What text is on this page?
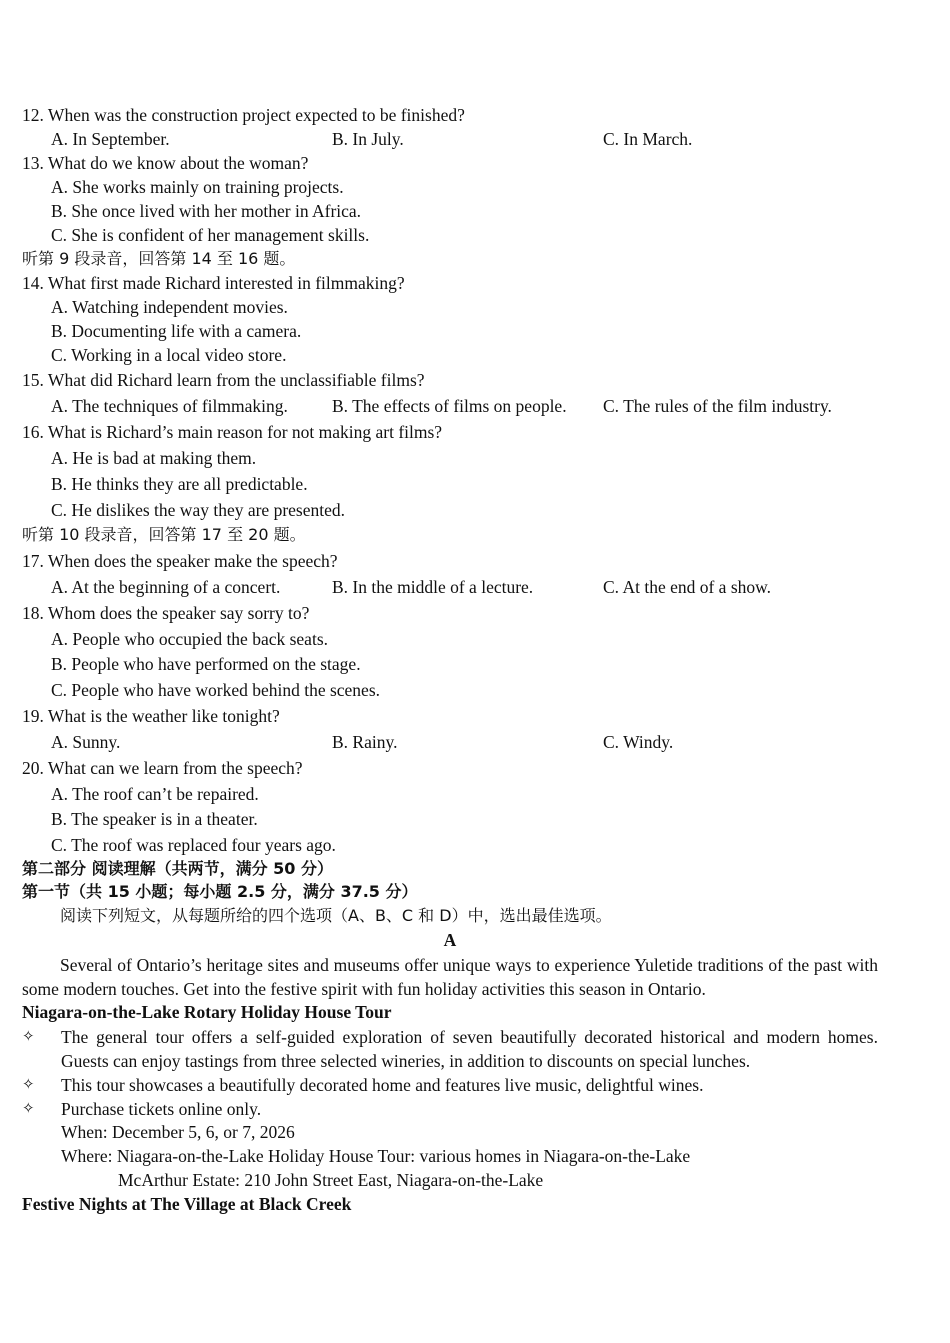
12. When was the construction project expected to be finished?
A. In September.	B. In July.	C. In March.
13. What do we know about the woman?
A. She works mainly on training projects.
B. She once lived with her mother in Africa.
C. She is confident of her management skills.
听第 9 段录音，回答第 14 至 16 题。
14. What first made Richard interested in filmmaking?
A. Watching independent movies.
B. Documenting life with a camera.
C. Working in a local video store.
15. What did Richard learn from the unclassifiable films?
A. The techniques of filmmaking.	B. The effects of films on people. C. The rules of the film industry.
16. What is Richard’s main reason for not making art films?
A. He is bad at making them.
B. He thinks they are all predictable.
C. He dislikes the way they are presented.
听第 10 段录音，回答第 17 至 20 题。
17. When does the speaker make the speech?
A. At the beginning of a concert.	B. In the middle of a lecture.	C. At the end of a show.
18. Whom does the speaker say sorry to?
A. People who occupied the back seats.
B. People who have performed on the stage.
C. People who have worked behind the scenes.
19. What is the weather like tonight?
A. Sunny.	B. Rainy.	C. Windy.
20. What can we learn from the speech?
A. The roof can’t be repaired.
B. The speaker is in a theater.
C. The roof was replaced four years ago.
第二部分 阅读理解（共两节，满分 50 分）
第一节（共 15 小题；每小题 2.5 分，满分 37.5 分）
阅读下列短文，从每题所给的四个选项（A、B、C 和 D）中，选出最佳选项。
A
Several of Ontario’s heritage sites and museums offer unique ways to experience Yuletide traditions of the past with some modern touches. Get into the festive spirit with fun holiday activities this season in Ontario.
Niagara-on-the-Lake Rotary Holiday House Tour
✧	The general tour offers a self-guided exploration of seven beautifully decorated historical and modern homes. Guests can enjoy tastings from three selected wineries, in addition to discounts on special lunches.
✧	This tour showcases a beautifully decorated home and features live music, delightful wines.
✧	Purchase tickets online only.
When: December 5, 6, or 7, 2026
Where: Niagara-on-the-Lake Holiday House Tour: various homes in Niagara-on-the-Lake
McArthur Estate: 210 John Street East, Niagara-on-the-Lake
Festive Nights at The Village at Black Creek
